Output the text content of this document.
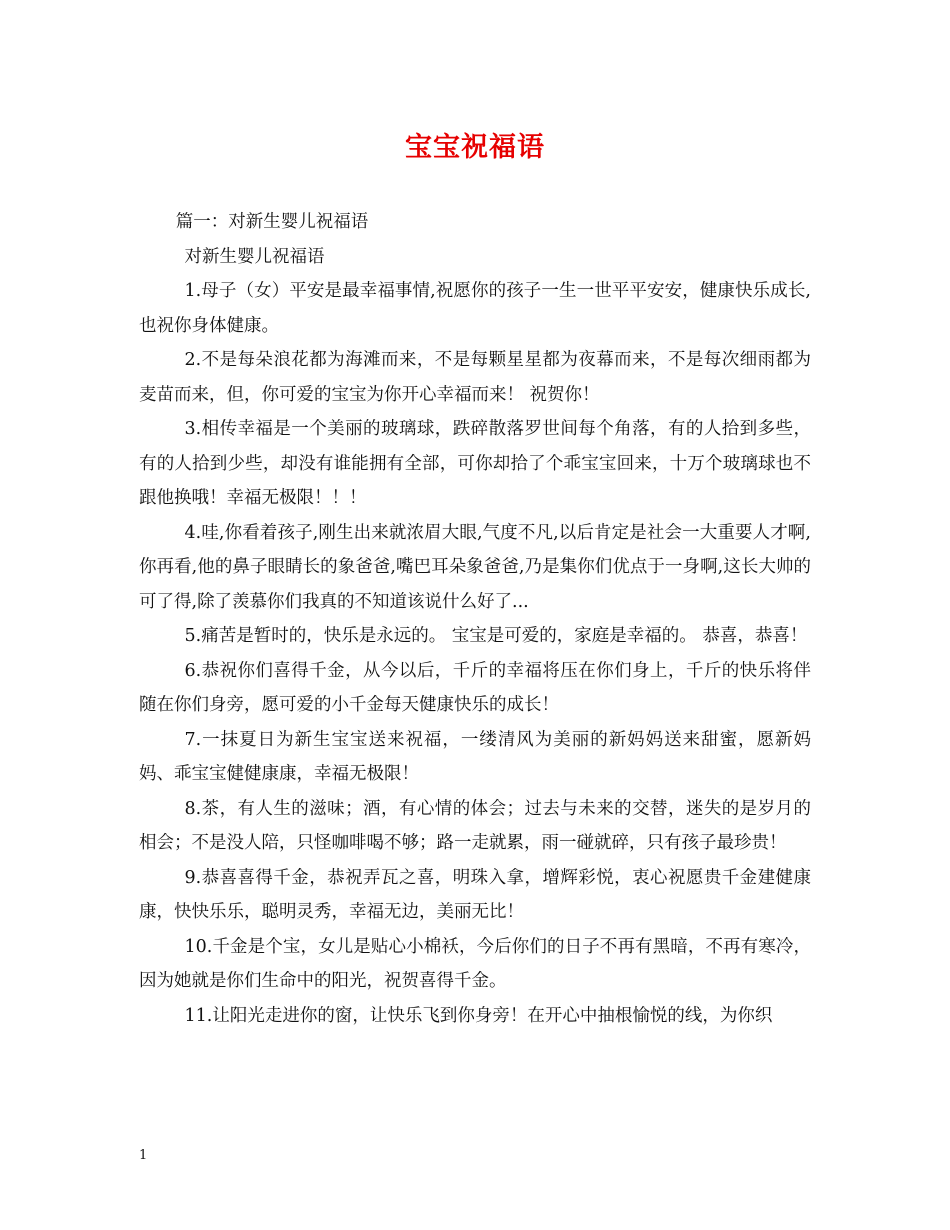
宝宝祝福语

篇一：对新生婴儿祝福语

对新生婴儿祝福语

1.母子（女）平安是最幸福事情,祝愿你的孩子一生一世平平安安，健康快乐成长,也祝你身体健康。

2.不是每朵浪花都为海滩而来，不是每颗星星都为夜幕而来，不是每次细雨都为麦苗而来，但，你可爱的宝宝为你开心幸福而来！ 祝贺你！

3.相传幸福是一个美丽的玻璃球，跌碎散落罗世间每个角落，有的人拾到多些，有的人拾到少些，却没有谁能拥有全部，可你却拾了个乖宝宝回来，十万个玻璃球也不跟他换哦！幸福无极限！！！

4.哇,你看着孩子,刚生出来就浓眉大眼,气度不凡,以后肯定是社会一大重要人才啊,你再看,他的鼻子眼睛长的象爸爸,嘴巴耳朵象爸爸,乃是集你们优点于一身啊,这长大帅的可了得,除了羡慕你们我真的不知道该说什么好了...

5.痛苦是暂时的，快乐是永远的。 宝宝是可爱的，家庭是幸福的。 恭喜，恭喜！

6.恭祝你们喜得千金，从今以后，千斤的幸福将压在你们身上，千斤的快乐将伴随在你们身旁，愿可爱的小千金每天健康快乐的成长！

7.一抹夏日为新生宝宝送来祝福，一缕清风为美丽的新妈妈送来甜蜜，愿新妈妈、乖宝宝健健康康，幸福无极限！

8.茶，有人生的滋味；酒，有心情的体会；过去与未来的交替，迷失的是岁月的相会；不是没人陪，只怪咖啡喝不够；路一走就累，雨一碰就碎，只有孩子最珍贵！

9.恭喜喜得千金，恭祝弄瓦之喜，明珠入拿，增辉彩悦，衷心祝愿贵千金建健康康，快快乐乐，聪明灵秀，幸福无边，美丽无比！

10.千金是个宝，女儿是贴心小棉袄，今后你们的日子不再有黑暗，不再有寒冷，因为她就是你们生命中的阳光，祝贺喜得千金。

11.让阳光走进你的窗，让快乐飞到你身旁！在开心中抽根愉悦的线，为你织

1
